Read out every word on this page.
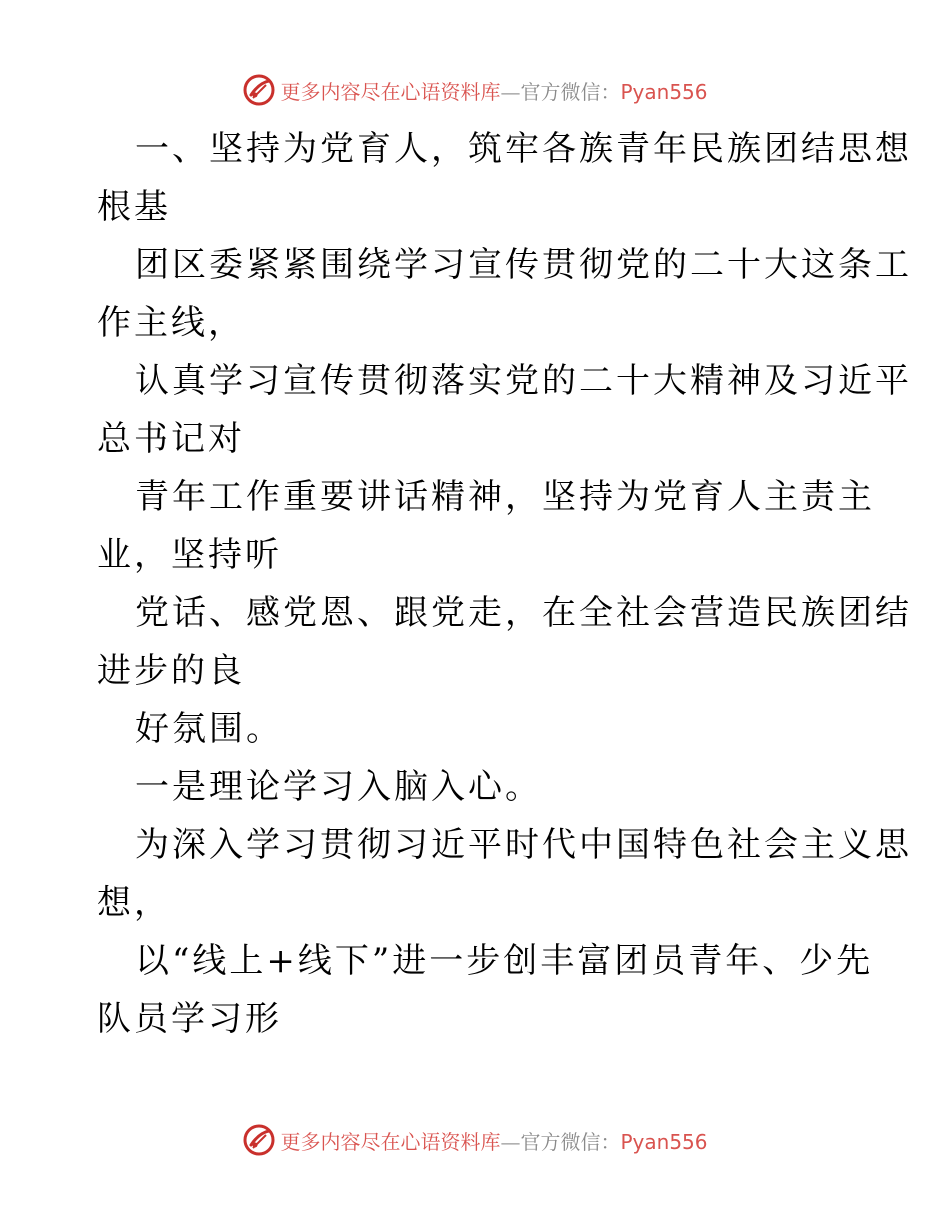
更多内容尽在心语资料库—官方微信：Pyan556
一、坚持为党育人，筑牢各族青年民族团结思想
根基
团区委紧紧围绕学习宣传贯彻党的二十大这条工
作主线，
认真学习宣传贯彻落实党的二十大精神及习近平
总书记对
青年工作重要讲话精神，坚持为党育人主责主
业，坚持听
党话、感党恩、跟党走，在全社会营造民族团结
进步的良
好氛围。
一是理论学习入脑入心。
为深入学习贯彻习近平时代中国特色社会主义思
想，
以“线上+线下”进一步创丰富团员青年、少先
队员学习形
更多内容尽在心语资料库—官方微信：Pyan556
